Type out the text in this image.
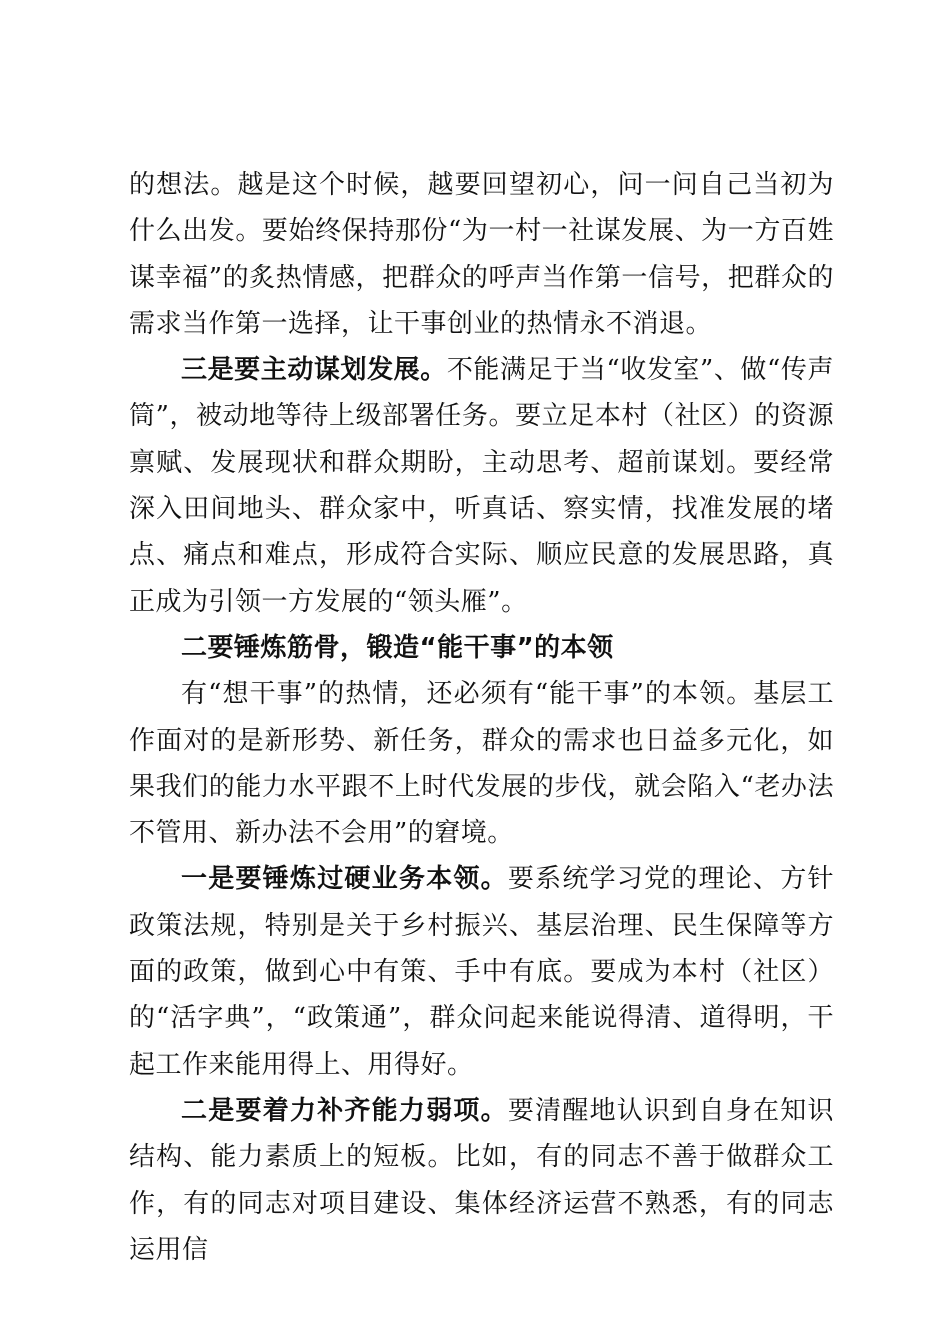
的想法。越是这个时候，越要回望初心，问一问自己当初为什么出发。要始终保持那份“为一村一社谋发展、为一方百姓谋幸福”的炙热情感，把群众的呼声当作第一信号，把群众的需求当作第一选择，让干事创业的热情永不消退。

三是要主动谋划发展。不能满足于当“收发室”、做“传声筒”，被动地等待上级部署任务。要立足本村（社区）的资源禀赋、发展现状和群众期盼，主动思考、超前谋划。要经常深入田间地头、群众家中，听真话、察实情，找准发展的堵点、痛点和难点，形成符合实际、顺应民意的发展思路，真正成为引领一方发展的“领头雁”。

二要锤炼筋骨，锻造“能干事”的本领

有“想干事”的热情，还必须有“能干事”的本领。基层工作面对的是新形势、新任务，群众的需求也日益多元化，如果我们的能力水平跟不上时代发展的步伐，就会陷入“老办法不管用、新办法不会用”的窘境。

一是要锤炼过硬业务本领。要系统学习党的理论、方针政策法规，特别是关于乡村振兴、基层治理、民生保障等方面的政策，做到心中有策、手中有底。要成为本村（社区）的“活字典”，“政策通”，群众问起来能说得清、道得明，干起工作来能用得上、用得好。

二是要着力补齐能力弱项。要清醒地认识到自身在知识结构、能力素质上的短板。比如，有的同志不善于做群众工作，有的同志对项目建设、集体经济运营不熟悉，有的同志运用信
